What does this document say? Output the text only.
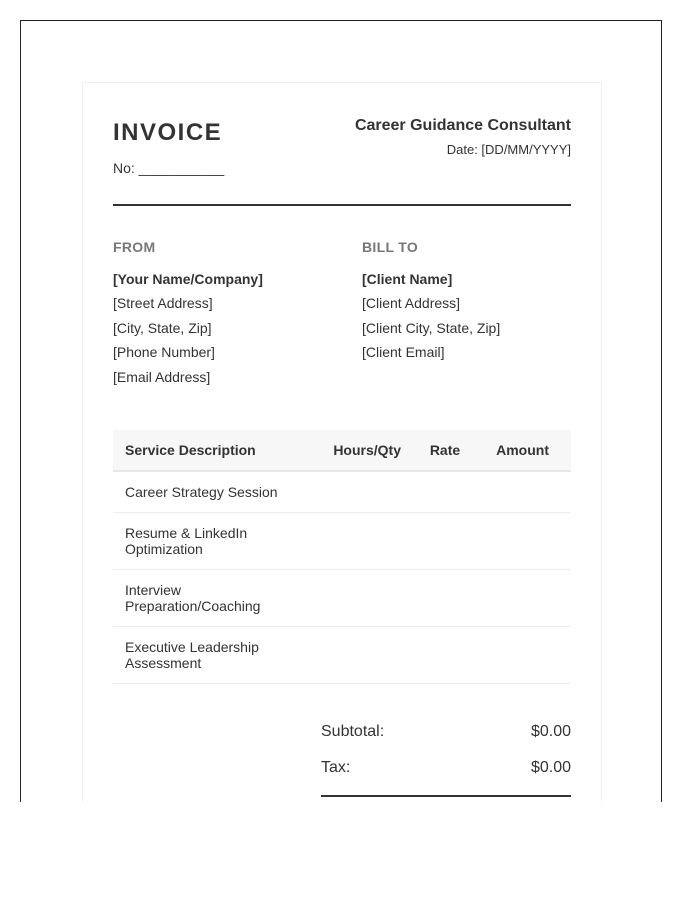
INVOICE
No: ___________
Career Guidance Consultant
Date: [DD/MM/YYYY]
FROM
[Your Name/Company]
[Street Address]
[City, State, Zip]
[Phone Number]
[Email Address]
BILL TO
[Client Name]
[Client Address]
[Client City, State, Zip]
[Client Email]
Service Description	Hours/Qty	Rate	Amount
Career Strategy Session			
Resume & LinkedIn Optimization			
Interview Preparation/Coaching			
Executive Leadership Assessment			
Subtotal:	$0.00
Tax:	$0.00
